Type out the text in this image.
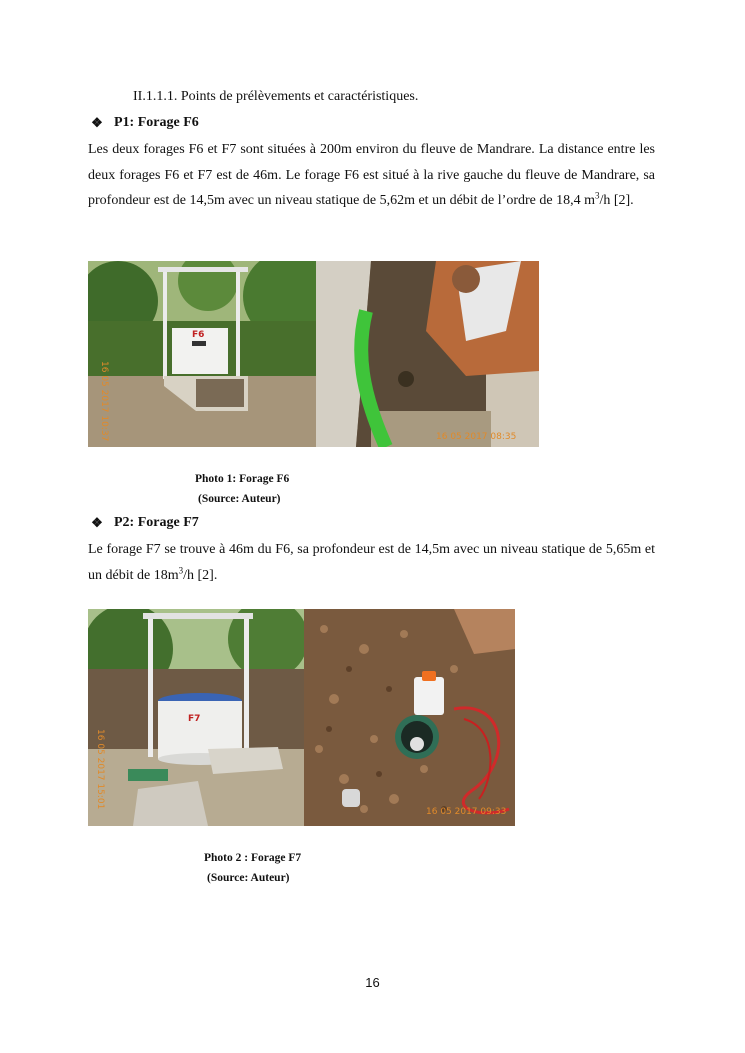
II.1.1.1. Points de prélèvements et caractéristiques.
❖ P1: Forage F6
Les deux forages F6 et F7 sont situées à 200m environ du fleuve de Mandrare. La distance entre les deux forages F6 et F7 est de 46m. Le forage F6 est situé à la rive gauche du fleuve de Mandrare, sa profondeur est de 14,5m avec un niveau statique de 5,62m et un débit de l’ordre de 18,4 $m^3/h$ [2].
F6
16 05 2017 10:37	16 05 2017 08:35
Photo 1: Forage F6
(Source: Auteur)
❖ P2: Forage F7
Le forage F7 se trouve à 46m du F6, sa profondeur est de 14,5m avec un niveau statique de 5,65m et un débit de $18m^3/h$ [2].
F7
16 05 2017 15:01
16 05 2017 09:33
Photo 2 : Forage F7
(Source: Auteur)
16
